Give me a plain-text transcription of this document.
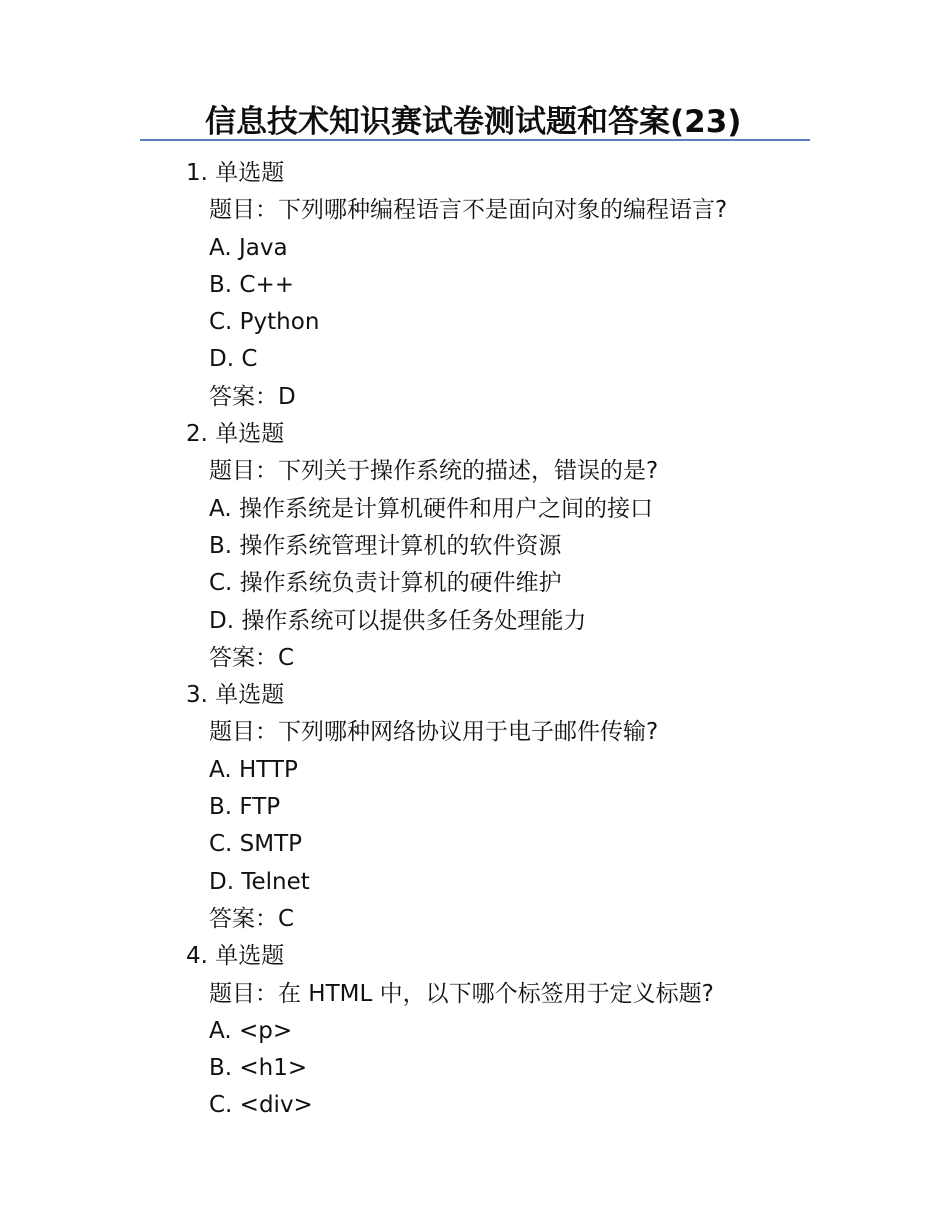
信息技术知识赛试卷测试题和答案(23)
1. 单选题
题目：下列哪种编程语言不是面向对象的编程语言?
A. Java
B. C++
C. Python
D. C
答案：D
2. 单选题
题目：下列关于操作系统的描述，错误的是?
A. 操作系统是计算机硬件和用户之间的接口
B. 操作系统管理计算机的软件资源
C. 操作系统负责计算机的硬件维护
D. 操作系统可以提供多任务处理能力
答案：C
3. 单选题
题目：下列哪种网络协议用于电子邮件传输?
A. HTTP
B. FTP
C. SMTP
D. Telnet
答案：C
4. 单选题
题目：在 HTML 中，以下哪个标签用于定义标题?
A. <p>
B. <h1>
C. <div>
